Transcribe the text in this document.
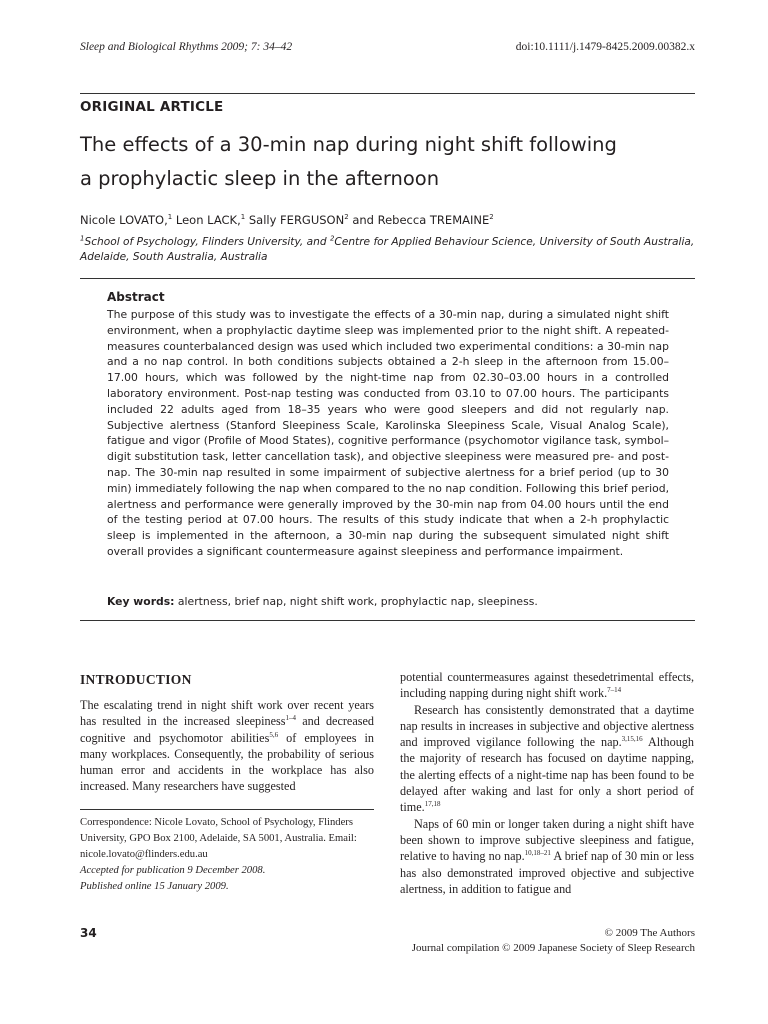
Sleep and Biological Rhythms 2009; 7: 34–42	doi:10.1111/j.1479-8425.2009.00382.x
ORIGINAL ARTICLE
The effects of a 30-min nap during night shift following
a prophylactic sleep in the afternoon
Nicole LOVATO,$^1$ Leon LACK,$^1$ Sally FERGUSON$^2$ and Rebecca TREMAINE$^2$
$^1$School of Psychology, Flinders University, and $^2$Centre for Applied Behaviour Science, University of South Australia, Adelaide, South Australia, Australia
Abstract
The purpose of this study was to investigate the effects of a 30-min nap, during a simulated night shift environment, when a prophylactic daytime sleep was implemented prior to the night shift. A repeated-measures counterbalanced design was used which included two experimental conditions: a 30-min nap and a no nap control. In both conditions subjects obtained a 2-h sleep in the afternoon from 15.00–17.00 hours, which was followed by the night-time nap from 02.30–03.00 hours in a controlled laboratory environment. Post-nap testing was conducted from 03.10 to 07.00 hours. The participants included 22 adults aged from 18–35 years who were good sleepers and did not regularly nap. Subjective alertness (Stanford Sleepiness Scale, Karolinska Sleepiness Scale, Visual Analog Scale), fatigue and vigor (Profile of Mood States), cognitive performance (psychomotor vigilance task, symbol–digit substitution task, letter cancellation task), and objective sleepiness were measured pre- and post-nap. The 30-min nap resulted in some impairment of subjective alertness for a brief period (up to 30 min) immediately following the nap when compared to the no nap condition. Following this brief period, alertness and performance were generally improved by the 30-min nap from 04.00 hours until the end of the testing period at 07.00 hours. The results of this study indicate that when a 2-h prophylactic sleep is implemented in the afternoon, a 30-min nap during the subsequent simulated night shift overall provides a significant countermeasure against sleepiness and performance impairment.
Key words: alertness, brief nap, night shift work, prophylactic nap, sleepiness.
INTRODUCTION

The escalating trend in night shift work over recent years has resulted in the increased sleepiness$^{1-4}$ and decreased cognitive and psychomotor abilities$^{5,6}$ of employees in many workplaces. Consequently, the probability of serious human error and accidents in the workplace has also increased. Many researchers have suggested

Correspondence: Nicole Lovato, School of Psychology, Flinders University, GPO Box 2100, Adelaide, SA 5001, Australia. Email: nicole.lovato@flinders.edu.au
Accepted for publication 9 December 2008.
Published online 15 January 2009.

potential countermeasures against thesedetrimental effects, including napping during night shift work.$^{7-14}$

Research has consistently demonstrated that a daytime nap results in increases in subjective and objective alertness and improved vigilance following the nap.$^{3,15,16}$ Although the majority of research has focused on daytime napping, the alerting effects of a night-time nap has been found to be delayed after waking and last for only a short period of time.$^{17,18}$

Naps of 60 min or longer taken during a night shift have been shown to improve subjective sleepiness and fatigue, relative to having no nap.$^{10,18-21}$ A brief nap of 30 min or less has also demonstrated improved objective and subjective alertness, in addition to fatigue and

34	© 2009 The Authors
Journal compilation © 2009 Japanese Society of Sleep Research
